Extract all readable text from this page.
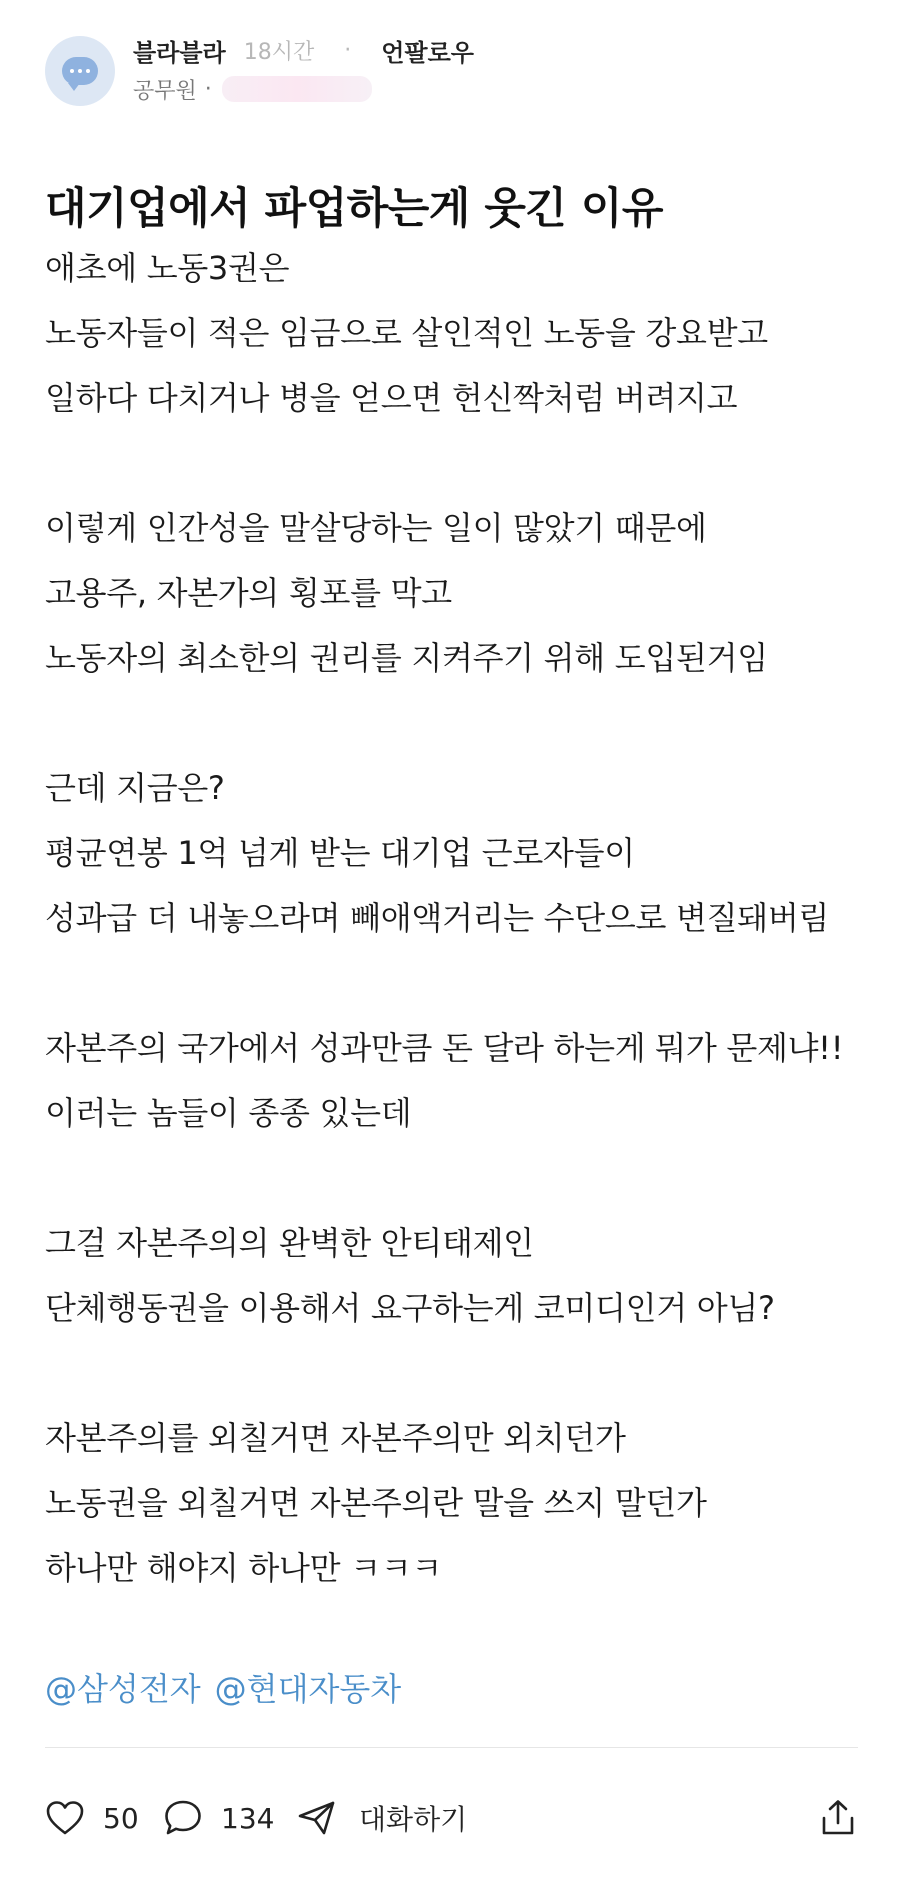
블라블라 18시간 · 언팔로우
공무원 ·
대기업에서 파업하는게 웃긴 이유
애초에 노동3권은
노동자들이 적은 임금으로 살인적인 노동을 강요받고
일하다 다치거나 병을 얻으면 헌신짝처럼 버려지고
이렇게 인간성을 말살당하는 일이 많았기 때문에
고용주, 자본가의 횡포를 막고
노동자의 최소한의 권리를 지켜주기 위해 도입된거임
근데 지금은?
평균연봉 1억 넘게 받는 대기업 근로자들이
성과급 더 내놓으라며 빼애액거리는 수단으로 변질돼버림
자본주의 국가에서 성과만큼 돈 달라 하는게 뭐가 문제냐!!
이러는 놈들이 종종 있는데
그걸 자본주의의 완벽한 안티태제인
단체행동권을 이용해서 요구하는게 코미디인거 아님?
자본주의를 외칠거면 자본주의만 외치던가
노동권을 외칠거면 자본주의란 말을 쓰지 말던가
하나만 해야지 하나만 ㅋㅋㅋ
@삼성전자 @현대자동차
50	134	대화하기
